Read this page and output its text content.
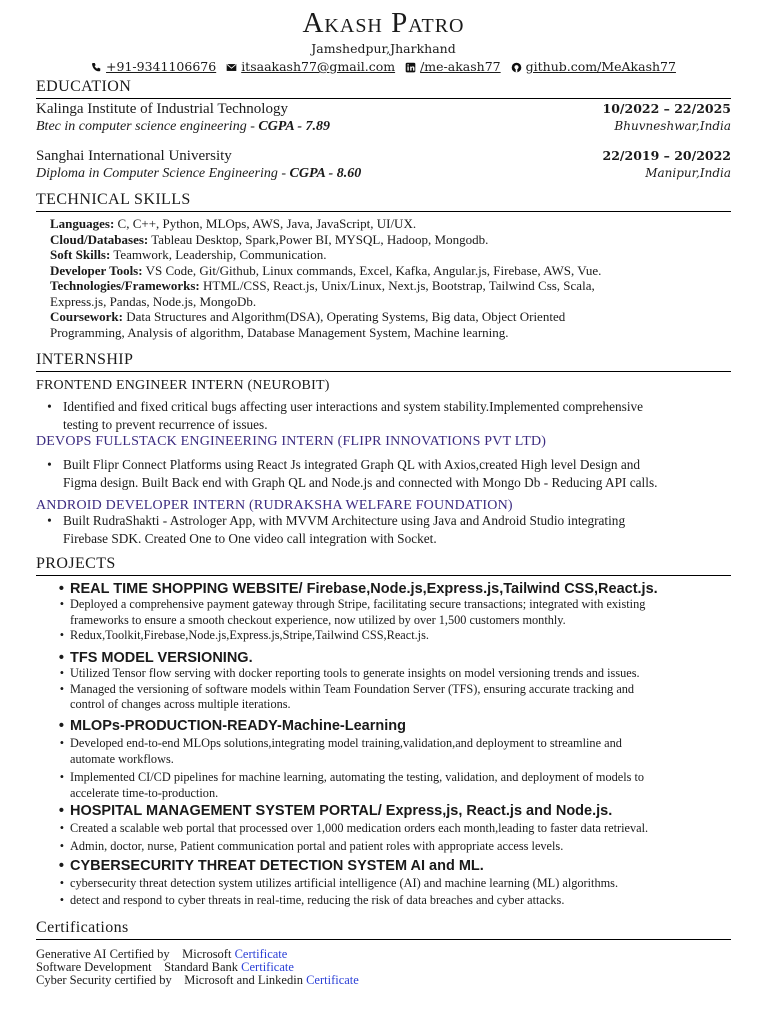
Akash Patro
Jamshedpur,Jharkhand
+91-9341106676 itsaakash77@gmail.com /me-akash77 github.com/MeAkash77
EDUCATION
Kalinga Institute of Industrial Technology	10/2022 – 22/2025
Btec in computer science engineering - CGPA - 7.89	Bhuvneshwar,India
Sanghai International University	22/2019 – 20/2022
Diploma in Computer Science Engineering - CGPA - 8.60	Manipur,India
TECHNICAL SKILLS
Languages: C, C++, Python, MLOps, AWS, Java, JavaScript, UI/UX.
Cloud/Databases: Tableau Desktop, Spark,Power BI, MYSQL, Hadoop, Mongodb.
Soft Skills: Teamwork, Leadership, Communication.
Developer Tools: VS Code, Git/Github, Linux commands, Excel, Kafka, Angular.js, Firebase, AWS, Vue.
Technologies/Frameworks: HTML/CSS, React.js, Unix/Linux, Next.js, Bootstrap, Tailwind Css, Scala,
Express.js, Pandas, Node.js, MongoDb.
Coursework: Data Structures and Algorithm(DSA), Operating Systems, Big data, Object Oriented
Programming, Analysis of algorithm, Database Management System, Machine learning.
INTERNSHIP
FRONTEND ENGINEER INTERN (NEUROBIT)
• Identified and fixed critical bugs affecting user interactions and system stability.Implemented comprehensive
testing to prevent recurrence of issues.
DEVOPS FULLSTACK ENGINEERING INTERN (FLIPR INNOVATIONS PVT LTD)
• Built Flipr Connect Platforms using React Js integrated Graph QL with Axios,created High level Design and
Figma design. Built Back end with Graph QL and Node.js and connected with Mongo Db - Reducing API calls.
ANDROID DEVELOPER INTERN (RUDRAKSHA WELFARE FOUNDATION)
• Built RudraShakti - Astrologer App, with MVVM Architecture using Java and Android Studio integrating
Firebase SDK. Created One to One video call integration with Socket.
PROJECTS
• REAL TIME SHOPPING WEBSITE/ Firebase,Node.js,Express.js,Tailwind CSS,React.js.
• Deployed a comprehensive payment gateway through Stripe, facilitating secure transactions; integrated with existing
frameworks to ensure a smooth checkout experience, now utilized by over 1,500 customers monthly.
• Redux,Toolkit,Firebase,Node.js,Express.js,Stripe,Tailwind CSS,React.js.
• TFS MODEL VERSIONING.
• Utilized Tensor flow serving with docker reporting tools to generate insights on model versioning trends and issues.
• Managed the versioning of software models within Team Foundation Server (TFS), ensuring accurate tracking and
control of changes across multiple iterations.
• MLOPs-PRODUCTION-READY-Machine-Learning
• Developed end-to-end MLOps solutions,integrating model training,validation,and deployment to streamline and
automate workflows.
• Implemented CI/CD pipelines for machine learning, automating the testing, validation, and deployment of models to
accelerate time-to-production.
• HOSPITAL MANAGEMENT SYSTEM PORTAL/ Express,js, React.js and Node.js.
• Created a scalable web portal that processed over 1,000 medication orders each month,leading to faster data retrieval.
• Admin, doctor, nurse, Patient communication portal and patient roles with appropriate access levels.
• CYBERSECURITY THREAT DETECTION SYSTEM AI and ML.
• cybersecurity threat detection system utilizes artificial intelligence (AI) and machine learning (ML) algorithms.
• detect and respond to cyber threats in real-time, reducing the risk of data breaches and cyber attacks.
Certifications
Generative AI Certified by Microsoft Certificate
Software Development Standard Bank Certificate
Cyber Security certified by Microsoft and Linkedin Certificate
